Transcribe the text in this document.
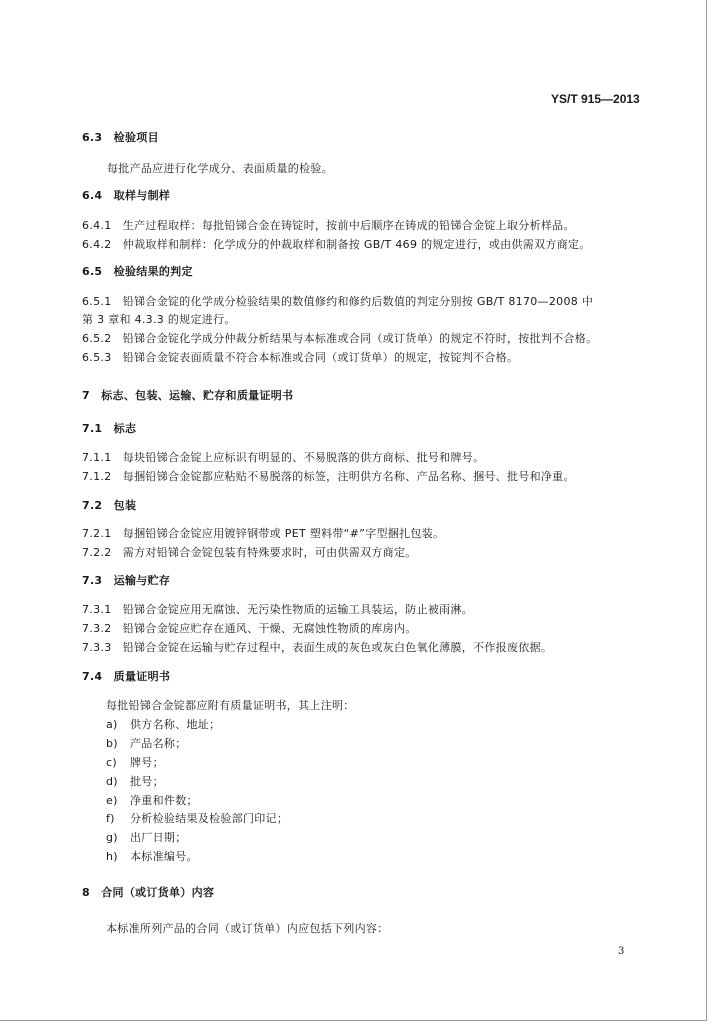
YS/T 915—2013
6.3　检验项目
每批产品应进行化学成分、表面质量的检验。
6.4　取样与制样
6.4.1　生产过程取样：每批铅锑合金在铸锭时，按前中后顺序在铸成的铅锑合金锭上取分析样品。
6.4.2　仲裁取样和制样：化学成分的仲裁取样和制备按 GB/T 469 的规定进行，或由供需双方商定。
6.5　检验结果的判定
6.5.1　铅锑合金锭的化学成分检验结果的数值修约和修约后数值的判定分别按 GB/T 8170—2008 中
第 3 章和 4.3.3 的规定进行。
6.5.2　铅锑合金锭化学成分仲裁分析结果与本标准或合同（或订货单）的规定不符时，按批判不合格。
6.5.3　铅锑合金锭表面质量不符合本标准或合同（或订货单）的规定，按锭判不合格。
7　标志、包装、运输、贮存和质量证明书
7.1　标志
7.1.1　每块铅锑合金锭上应标识有明显的、不易脱落的供方商标、批号和牌号。
7.1.2　每捆铅锑合金锭都应粘贴不易脱落的标签，注明供方名称、产品名称、捆号、批号和净重。
7.2　包装
7.2.1　每捆铅锑合金锭应用镀锌钢带或 PET 塑料带“#”字型捆扎包装。
7.2.2　需方对铅锑合金锭包装有特殊要求时，可由供需双方商定。
7.3　运输与贮存
7.3.1　铅锑合金锭应用无腐蚀、无污染性物质的运输工具装运，防止被雨淋。
7.3.2　铅锑合金锭应贮存在通风、干燥、无腐蚀性物质的库房内。
7.3.3　铅锑合金锭在运输与贮存过程中，表面生成的灰色或灰白色氧化薄膜，不作报废依据。
7.4　质量证明书
每批铅锑合金锭都应附有质量证明书，其上注明：
a) 供方名称、地址；
b) 产品名称；
c) 牌号；
d) 批号；
e) 净重和件数；
f) 分析检验结果及检验部门印记；
g) 出厂日期；
h) 本标准编号。
8　合同（或订货单）内容
本标准所列产品的合同（或订货单）内应包括下列内容：
3
